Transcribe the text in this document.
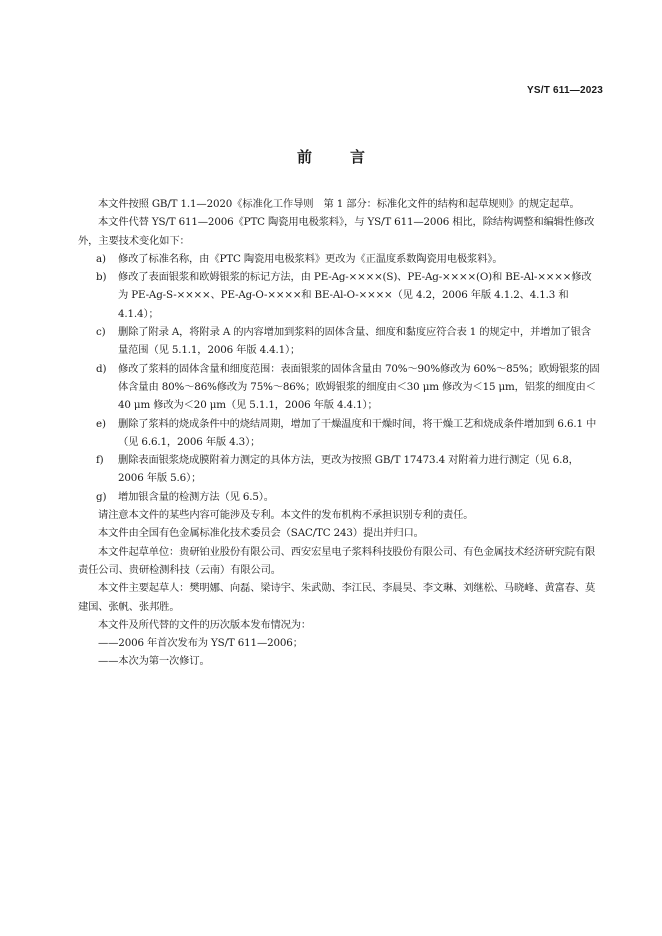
YS/T 611—2023
前	言

本文件按照 GB/T 1.1—2020《标准化工作导则　第 1 部分：标准化文件的结构和起草规则》的规定起草。

本文件代替 YS/T 611—2006《PTC 陶瓷用电极浆料》，与 YS/T 611—2006 相比，除结构调整和编辑性修改外，主要技术变化如下：

a) 修改了标准名称，由《PTC 陶瓷用电极浆料》更改为《正温度系数陶瓷用电极浆料》。

b) 修改了表面银浆和欧姆银浆的标记方法，由 PE-Ag-××××(S)、PE-Ag-××××(O)和 BE-Al-××××修改为 PE-Ag-S-××××、PE-Ag-O-××××和 BE-Al-O-××××（见 4.2，2006 年版 4.1.2、4.1.3 和 4.1.4）；

c) 删除了附录 A，将附录 A 的内容增加到浆料的固体含量、细度和黏度应符合表 1 的规定中，并增加了银含量范围（见 5.1.1，2006 年版 4.4.1）；

d) 修改了浆料的固体含量和细度范围：表面银浆的固体含量由 70%～90%修改为 60%～85%；欧姆银浆的固体含量由 80%～86%修改为 75%～86%；欧姆银浆的细度由＜30 μm 修改为＜15 μm，铝浆的细度由＜40 μm 修改为＜20 μm（见 5.1.1，2006 年版 4.4.1）；

e) 删除了浆料的烧成条件中的烧结周期，增加了干燥温度和干燥时间，将干燥工艺和烧成条件增加到 6.6.1 中（见 6.6.1，2006 年版 4.3）；

f) 删除表面银浆烧成膜附着力测定的具体方法，更改为按照 GB/T 17473.4 对附着力进行测定（见 6.8，2006 年版 5.6）；

g) 增加银含量的检测方法（见 6.5）。

请注意本文件的某些内容可能涉及专利。本文件的发布机构不承担识别专利的责任。

本文件由全国有色金属标准化技术委员会（SAC/TC 243）提出并归口。

本文件起草单位：贵研铂业股份有限公司、西安宏星电子浆料科技股份有限公司、有色金属技术经济研究院有限责任公司、贵研检测科技（云南）有限公司。

本文件主要起草人：樊明娜、向磊、梁诗宇、朱武勋、李江民、李晨昊、李文琳、刘继松、马晓峰、黄富春、莫建国、张帆、张邦胜。

本文件及所代替的文件的历次版本发布情况为：

——2006 年首次发布为 YS/T 611—2006；

——本次为第一次修订。
